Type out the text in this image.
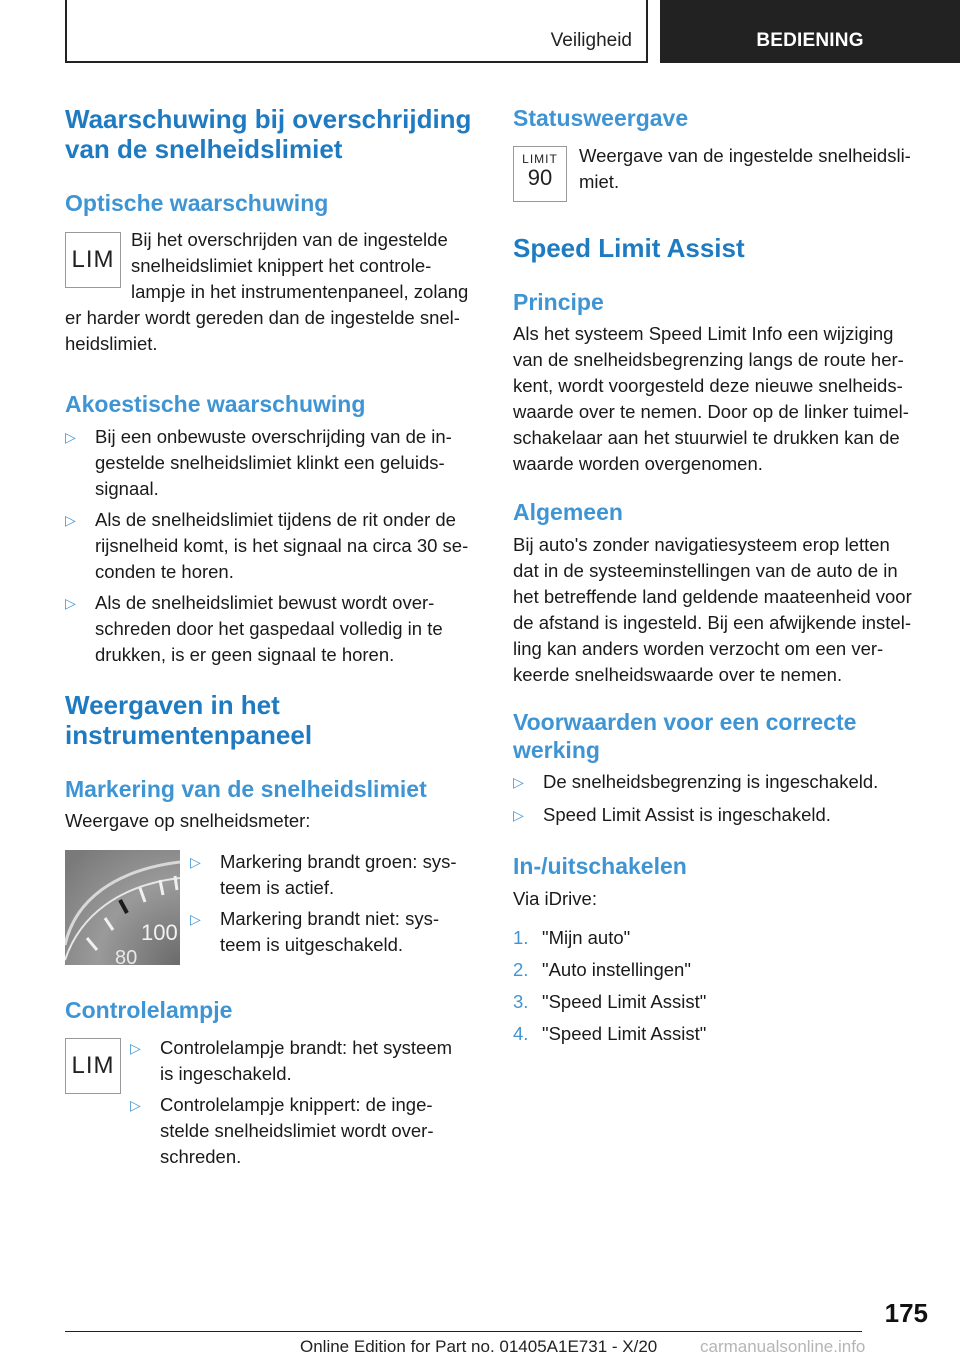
Veiligheid	BEDIENING
Waarschuwing bij overschrijding
van de snelheidslimiet
Optische waarschuwing
LIM
Bij het overschrijden van de ingestelde
snelheidslimiet knippert het controle-
lampje in het instrumentenpaneel, zolang
er harder wordt gereden dan de ingestelde snel-
heidslimiet.
Akoestische waarschuwing
▷ Bij een onbewuste overschrijding van de in-
gestelde snelheidslimiet klinkt een geluids-
signaal.
▷ Als de snelheidslimiet tijdens de rit onder de
rijsnelheid komt, is het signaal na circa 30 se-
conden te horen.
▷ Als de snelheidslimiet bewust wordt over-
schreden door het gaspedaal volledig in te
drukken, is er geen signaal te horen.
Weergaven in het
instrumentenpaneel
Markering van de snelheidslimiet
Weergave op snelheidsmeter:
100
80
▷ Markering brandt groen: sys-
teem is actief.
▷ Markering brandt niet: sys-
teem is uitgeschakeld.
Controlelampje
LIM
▷ Controlelampje brandt: het systeem
is ingeschakeld.
▷ Controlelampje knippert: de inge-
stelde snelheidslimiet wordt over-
schreden.
Statusweergave
LIMIT
90
Weergave van de ingestelde snelheidsli-
miet.
Speed Limit Assist
Principe
Als het systeem Speed Limit Info een wijziging
van de snelheidsbegrenzing langs de route her-
kent, wordt voorgesteld deze nieuwe snelheids-
waarde over te nemen. Door op de linker tuimel-
schakelaar aan het stuurwiel te drukken kan de
waarde worden overgenomen.
Algemeen
Bij auto's zonder navigatiesysteem erop letten
dat in de systeeminstellingen van de auto de in
het betreffende land geldende maateenheid voor
de afstand is ingesteld. Bij een afwijkende instel-
ling kan anders worden verzocht om een ver-
keerde snelheidswaarde over te nemen.
Voorwaarden voor een correcte
werking
▷ De snelheidsbegrenzing is ingeschakeld.
▷ Speed Limit Assist is ingeschakeld.
In-/uitschakelen
Via iDrive:
1. "Mijn auto"
2. "Auto instellingen"
3. "Speed Limit Assist"
4. "Speed Limit Assist"
175
Online Edition for Part no. 01405A1E731 - X/20	carmanualsonline.info
